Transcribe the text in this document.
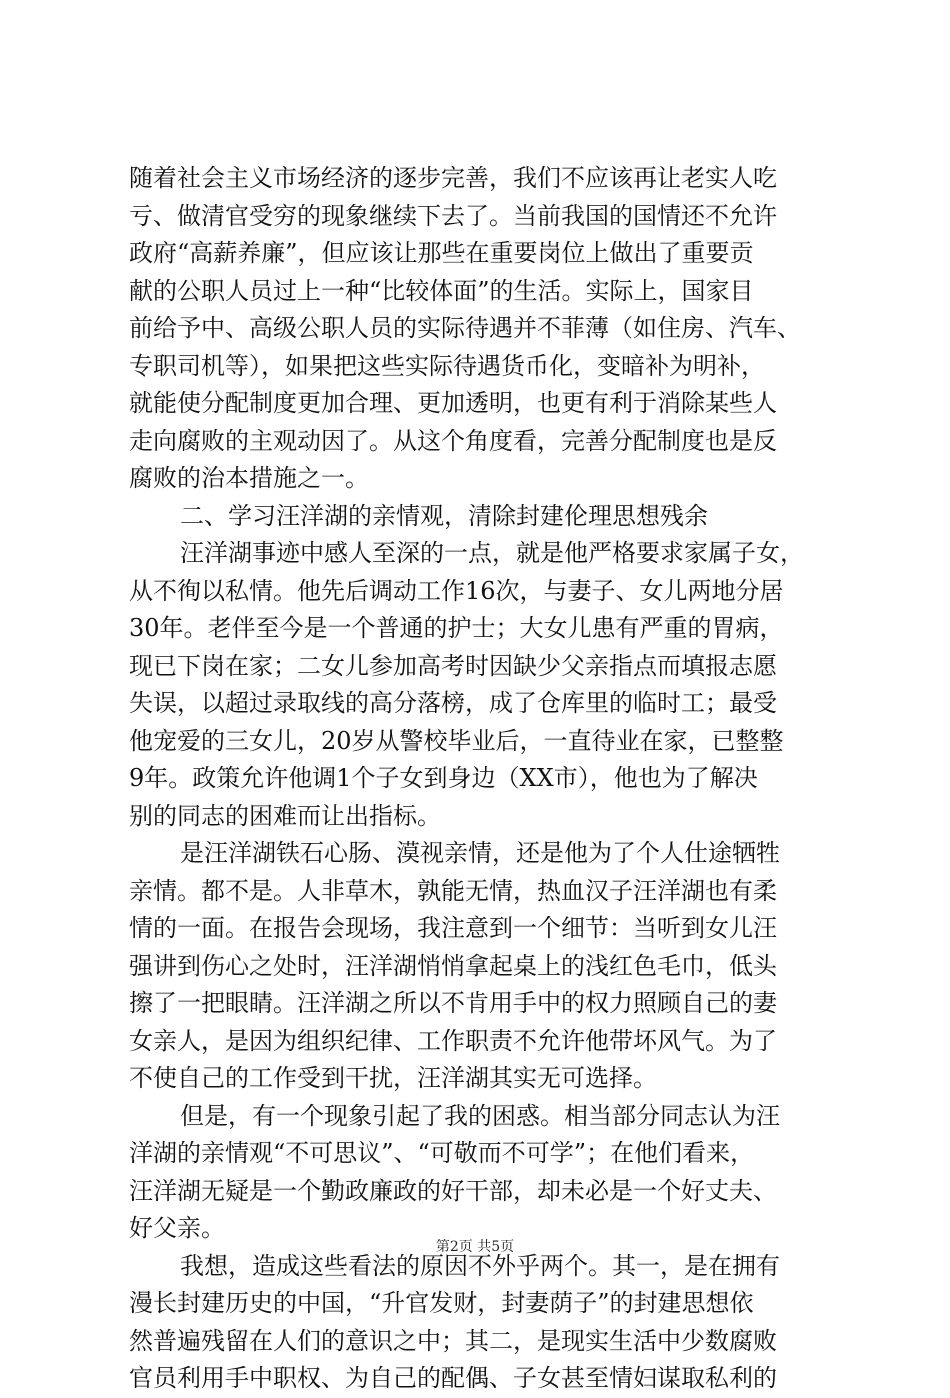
随着社会主义市场经济的逐步完善，我们不应该再让老实人吃
亏、做清官受穷的现象继续下去了。当前我国的国情还不允许
政府“高薪养廉”，但应该让那些在重要岗位上做出了重要贡
献的公职人员过上一种“比较体面”的生活。实际上，国家目
前给予中、高级公职人员的实际待遇并不菲薄（如住房、汽车、
专职司机等），如果把这些实际待遇货币化，变暗补为明补，
就能使分配制度更加合理、更加透明，也更有利于消除某些人
走向腐败的主观动因了。从这个角度看，完善分配制度也是反
腐败的治本措施之一。
二、学习汪洋湖的亲情观，清除封建伦理思想残余
汪洋湖事迹中感人至深的一点，就是他严格要求家属子女，
从不徇以私情。他先后调动工作16次，与妻子、女儿两地分居
30年。老伴至今是一个普通的护士；大女儿患有严重的胃病，
现已下岗在家；二女儿参加高考时因缺少父亲指点而填报志愿
失误，以超过录取线的高分落榜，成了仓库里的临时工；最受
他宠爱的三女儿，20岁从警校毕业后，一直待业在家，已整整
9年。政策允许他调1个子女到身边（XX市），他也为了解决
别的同志的困难而让出指标。
是汪洋湖铁石心肠、漠视亲情，还是他为了个人仕途牺牲
亲情。都不是。人非草木，孰能无情，热血汉子汪洋湖也有柔
情的一面。在报告会现场，我注意到一个细节：当听到女儿汪
强讲到伤心之处时，汪洋湖悄悄拿起桌上的浅红色毛巾，低头
擦了一把眼睛。汪洋湖之所以不肯用手中的权力照顾自己的妻
女亲人，是因为组织纪律、工作职责不允许他带坏风气。为了
不使自己的工作受到干扰，汪洋湖其实无可选择。
但是，有一个现象引起了我的困惑。相当部分同志认为汪
洋湖的亲情观“不可思议”、“可敬而不可学”；在他们看来，
汪洋湖无疑是一个勤政廉政的好干部，却未必是一个好丈夫、
好父亲。
我想，造成这些看法的原因不外乎两个。其一，是在拥有
漫长封建历史的中国，“升官发财，封妻荫子”的封建思想依
然普遍残留在人们的意识之中；其二，是现实生活中少数腐败
官员利用手中职权、为自己的配偶、子女甚至情妇谋取私利的
第2页 共5页
